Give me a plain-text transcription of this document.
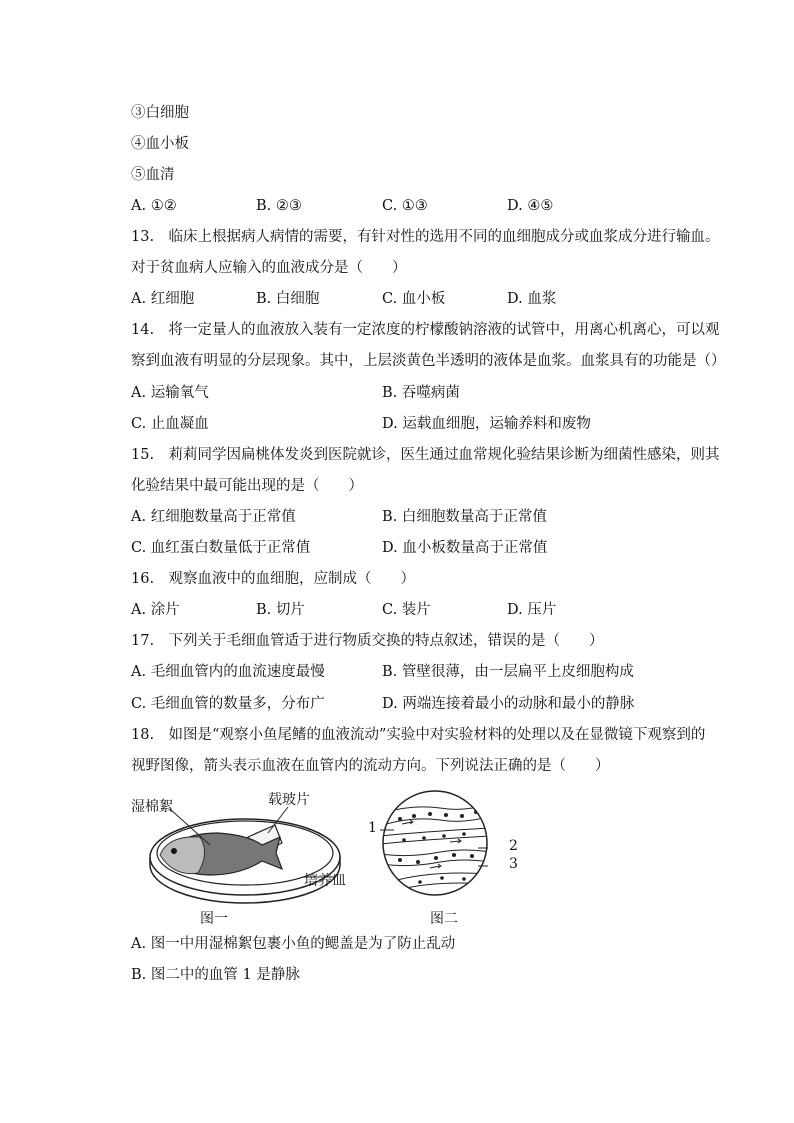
③白细胞
④血小板
⑤血清
A. ①②	B. ②③	C. ①③	D. ④⑤
13.　临床上根据病人病情的需要，有针对性的选用不同的血细胞成分或血浆成分进行输血。
对于贫血病人应输入的血液成分是（　　）
A. 红细胞	B. 白细胞	C. 血小板	D. 血浆
14.　将一定量人的血液放入装有一定浓度的柠檬酸钠溶液的试管中，用离心机离心，可以观
察到血液有明显的分层现象。其中，上层淡黄色半透明的液体是血浆。血浆具有的功能是（）
A. 运输氧气	B. 吞噬病菌
C. 止血凝血	D. 运载血细胞，运输养料和废物
15.　莉莉同学因扁桃体发炎到医院就诊，医生通过血常规化验结果诊断为细菌性感染，则其
化验结果中最可能出现的是（　　）
A. 红细胞数量高于正常值	B. 白细胞数量高于正常值
C. 血红蛋白数量低于正常值	D. 血小板数量高于正常值
16.　观察血液中的血细胞，应制成（　　）
A. 涂片	B. 切片	C. 装片	D. 压片
17.　下列关于毛细血管适于进行物质交换的特点叙述，错误的是（　　）
A. 毛细血管内的血流速度最慢	B. 管壁很薄，由一层扁平上皮细胞构成
C. 毛细血管的数量多，分布广	D. 两端连接着最小的动脉和最小的静脉
18.　如图是“观察小鱼尾鳍的血液流动”实验中对实验材料的处理以及在显微镜下观察到的
视野图像，箭头表示血液在血管内的流动方向。下列说法正确的是（　　）
湿棉絮	载玻片
培养皿
图一
1
2
3
图二
A. 图一中用湿棉絮包裹小鱼的鳃盖是为了防止乱动
B. 图二中的血管 1 是静脉
